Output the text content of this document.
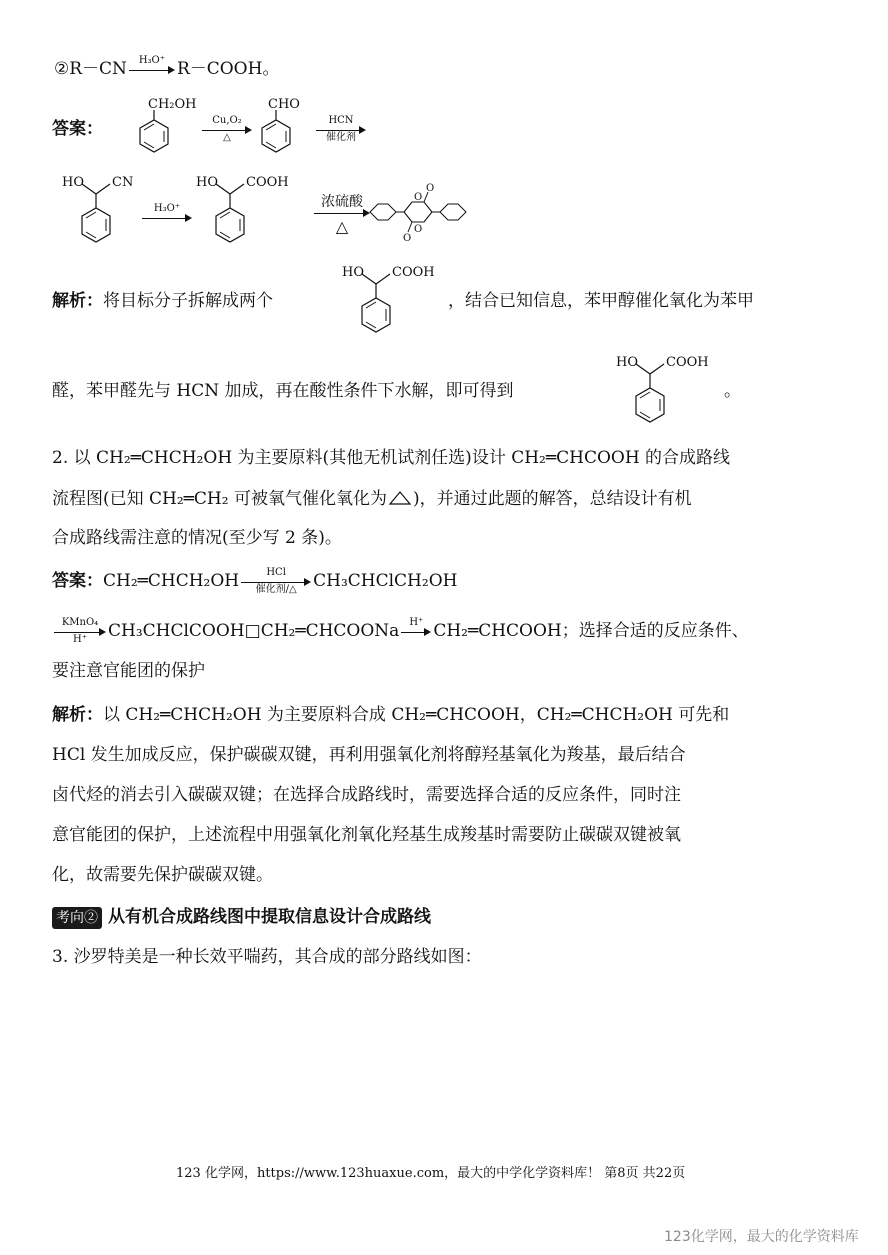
②R－CN	H₃O⁺ R－COOH。
答案：
CH₂OH
Cu,O₂
△
CHO
HCN
催化剂
HO CN
H₃O⁺
HO COOH
浓硫酸
△
O
O
O
O
解析：将目标分子拆解成两个
HO COOH
，结合已知信息，苯甲醇催化氧化为苯甲
醛，苯甲醛先与 HCN 加成，再在酸性条件下水解，即可得到
HO COOH
。
2. 以 CH₂═CHCH₂OH 为主要原料(其他无机试剂任选)设计 CH₂═CHCOOH 的合成路线
流程图(已知 CH₂═CH₂ 可被氧气催化氧化为 )，并通过此题的解答，总结设计有机
合成路线需注意的情况(至少写 2 条)。
答案：CH₂═CHCH₂OH	HCl
催化剂/△ CH₃CHClCH₂OH
KMnO₄
H⁺	CH₃CHClCOOH□CH₂═CHCOONa	H⁺ CH₂═CHCOOH；选择合适的反应条件、
要注意官能团的保护
解析：以 CH₂═CHCH₂OH 为主要原料合成 CH₂═CHCOOH，CH₂═CHCH₂OH 可先和
HCl 发生加成反应，保护碳碳双键，再利用强氧化剂将醇羟基氧化为羧基，最后结合
卤代烃的消去引入碳碳双键；在选择合成路线时，需要选择合适的反应条件，同时注
意官能团的保护，上述流程中用强氧化剂氧化羟基生成羧基时需要防止碳碳双键被氧
化，故需要先保护碳碳双键。
考向② 从有机合成路线图中提取信息设计合成路线
3. 沙罗特美是一种长效平喘药，其合成的部分路线如图：
123 化学网，https://www.123huaxue.com，最大的中学化学资料库！ 第8页 共22页
123化学网，最大的化学资料库
